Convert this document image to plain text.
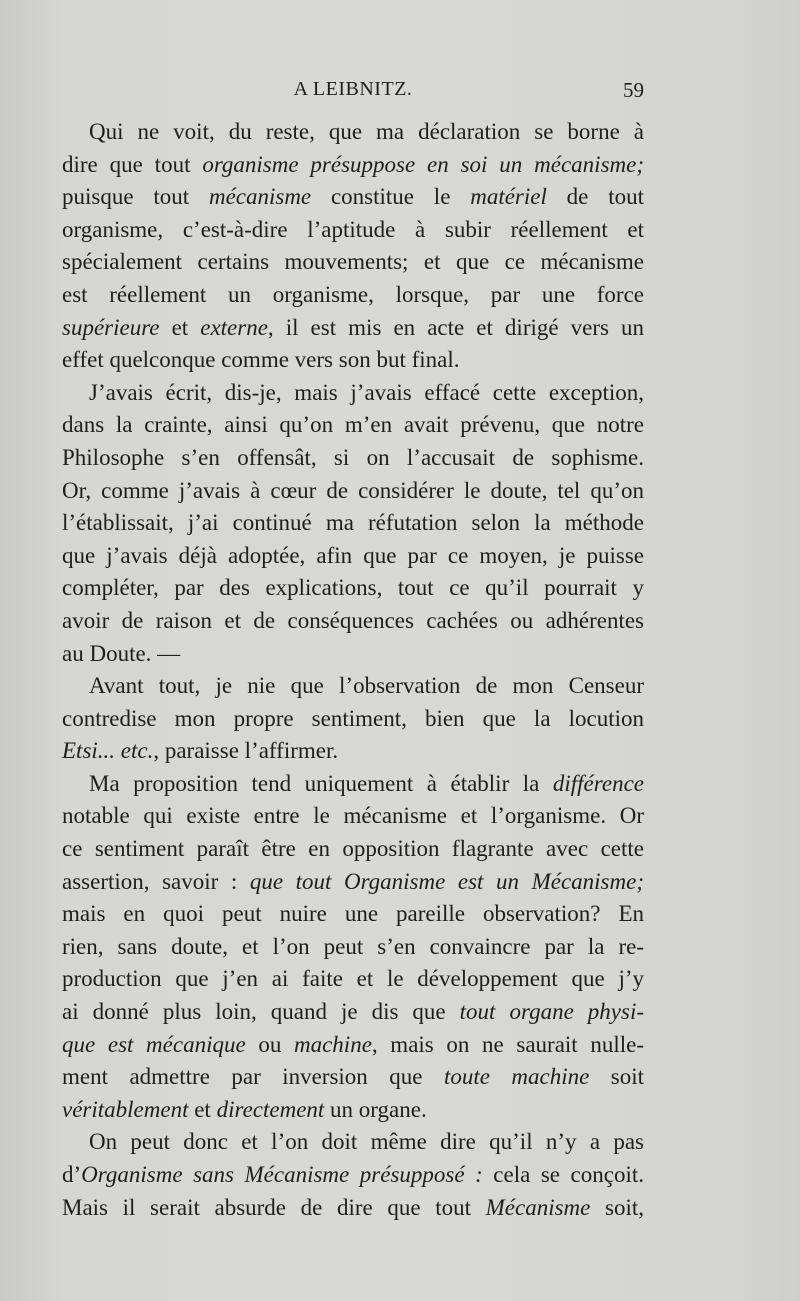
A LEIBNITZ.	59
Qui ne voit, du reste, que ma déclaration se borne à
dire que tout organisme présuppose en soi un mécanisme;
puisque tout mécanisme constitue le matériel de tout
organisme, c’est-à-dire l’aptitude à subir réellement et
spécialement certains mouvements; et que ce mécanisme
est réellement un organisme, lorsque, par une force
supérieure et externe, il est mis en acte et dirigé vers un
effet quelconque comme vers son but final.
J’avais écrit, dis-je, mais j’avais effacé cette exception,
dans la crainte, ainsi qu’on m’en avait prévenu, que notre
Philosophe s’en offensât, si on l’accusait de sophisme.
Or, comme j’avais à cœur de considérer le doute, tel qu’on
l’établissait, j’ai continué ma réfutation selon la méthode
que j’avais déjà adoptée, afin que par ce moyen, je puisse
compléter, par des explications, tout ce qu’il pourrait y
avoir de raison et de conséquences cachées ou adhérentes
au Doute. —
Avant tout, je nie que l’observation de mon Censeur
contredise mon propre sentiment, bien que la locution
Etsi... etc., paraisse l’affirmer.
Ma proposition tend uniquement à établir la différence
notable qui existe entre le mécanisme et l’organisme. Or
ce sentiment paraît être en opposition flagrante avec cette
assertion, savoir : que tout Organisme est un Mécanisme;
mais en quoi peut nuire une pareille observation? En
rien, sans doute, et l’on peut s’en convaincre par la re-
production que j’en ai faite et le développement que j’y
ai donné plus loin, quand je dis que tout organe physi-
que est mécanique ou machine, mais on ne saurait nulle-
ment admettre par inversion que toute machine soit
véritablement et directement un organe.
On peut donc et l’on doit même dire qu’il n’y a pas
d’Organisme sans Mécanisme présupposé : cela se conçoit.
Mais il serait absurde de dire que tout Mécanisme soit,
